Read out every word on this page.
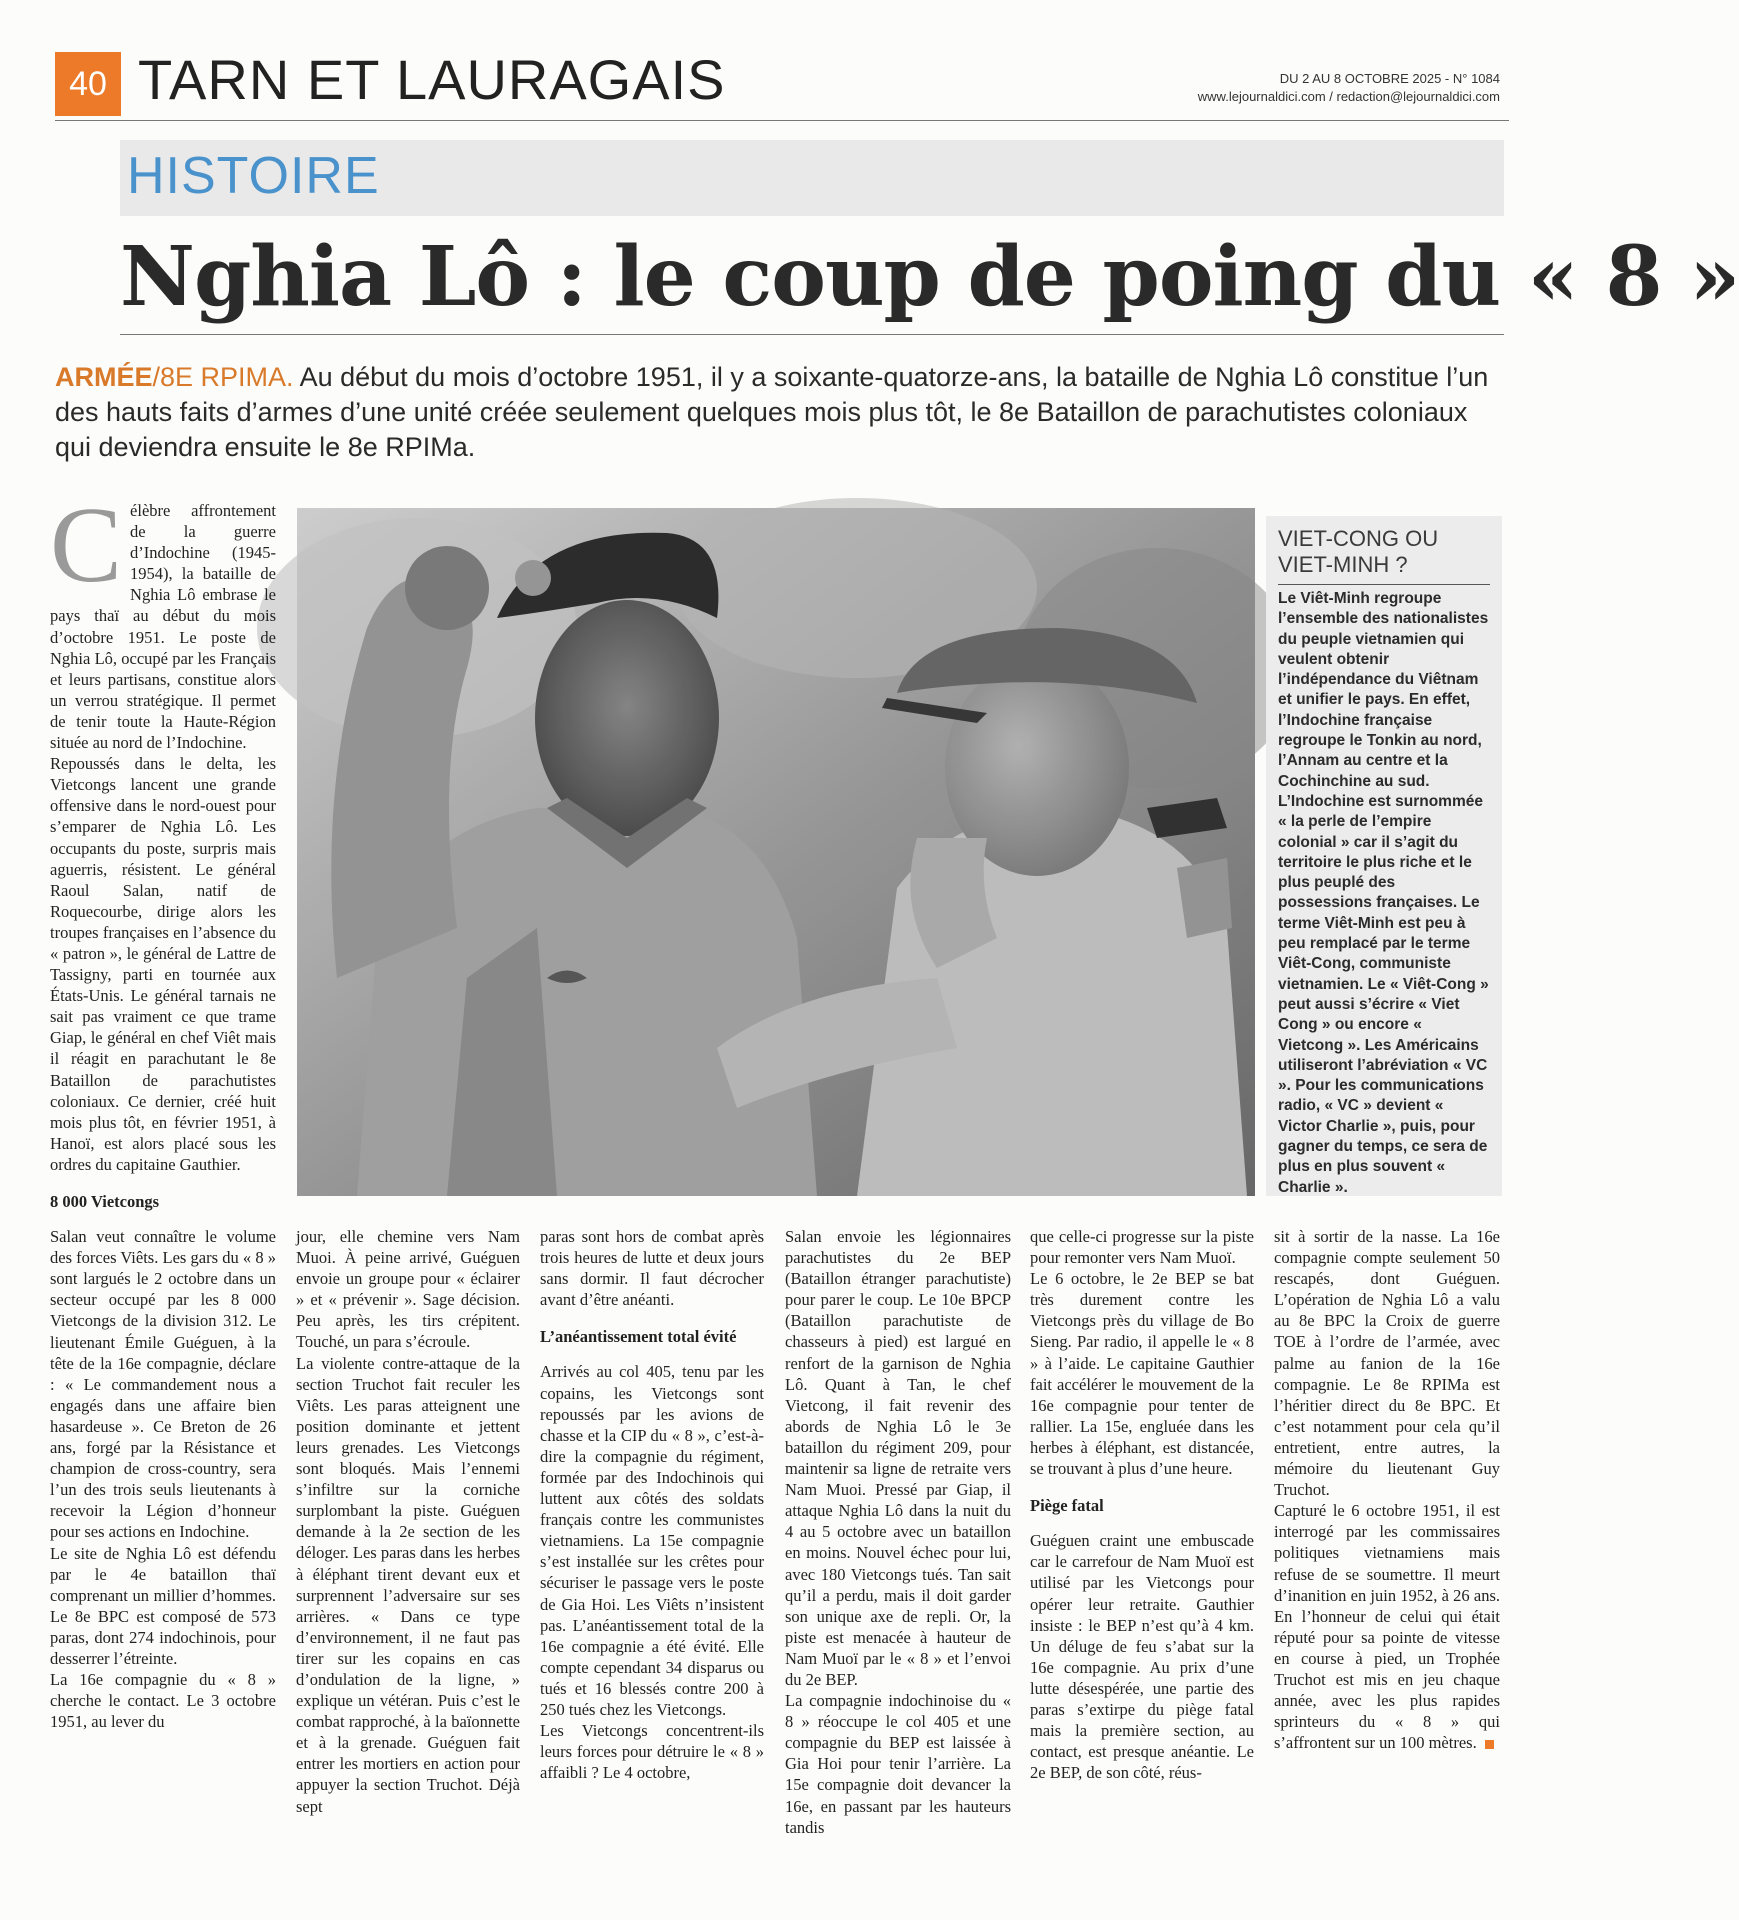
40 TARN ET LAURAGAIS	DU 2 AU 8 OCTOBRE 2025 - N° 1084
www.lejournaldici.com / redaction@lejournaldici.com
HISTOIRE
Nghia Lô : le coup de poing du « 8 »
ARMÉE/8E RPIMA. Au début du mois d’octobre 1951, il y a soixante-quatorze-ans, la bataille de Nghia Lô constitue l’un des hauts faits d’armes d’une unité créée seulement quelques mois plus tôt, le 8e Bataillon de parachutistes coloniaux qui deviendra ensuite le 8e RPIMa.
VIET-CONG OU VIET-MINH ?
Le Viêt-Minh regroupe l’ensemble des nationalistes du peuple vietnamien qui veulent obtenir l’indépendance du Viêtnam et unifier le pays. En effet, l’Indochine française regroupe le Tonkin au nord, l’Annam au centre et la Cochinchine au sud. L’Indochine est surnommée « la perle de l’empire colonial » car il s’agit du territoire le plus riche et le plus peuplé des possessions françaises. Le terme Viêt-Minh est peu à peu remplacé par le terme Viêt-Cong, communiste vietnamien. Le « Viêt-Cong » peut aussi s’écrire « Viet Cong » ou encore « Vietcong ». Les Américains utiliseront l’abréviation « VC ». Pour les communications radio, « VC » devient « Victor Charlie », puis, pour gagner du temps, ce sera de plus en plus souvent « Charlie ».
C élèbre affrontement de la guerre d’Indochine (1945-1954), la bataille de Nghia Lô embrase le pays thaï au début du mois d’octobre 1951. Le poste de Nghia Lô, occupé par les Français et leurs partisans, constitue alors un verrou stratégique. Il permet de tenir toute la Haute-Région située au nord de l’Indochine.

Repoussés dans le delta, les Vietcongs lancent une grande offensive dans le nord-ouest pour s’emparer de Nghia Lô. Les occupants du poste, surpris mais aguerris, résistent. Le général Raoul Salan, natif de Roquecourbe, dirige alors les troupes françaises en l’absence du « patron », le général de Lattre de Tassigny, parti en tournée aux États-Unis. Le général tarnais ne sait pas vraiment ce que trame Giap, le général en chef Viêt mais il réagit en parachutant le 8e Bataillon de parachutistes coloniaux. Ce dernier, créé huit mois plus tôt, en février 1951, à Hanoï, est alors placé sous les ordres du capitaine Gauthier.

8 000 Vietcongs

Salan veut connaître le volume des forces Viêts. Les gars du « 8 » sont largués le 2 octobre dans un secteur occupé par les 8 000 Vietcongs de la division 312. Le lieutenant Émile Guéguen, à la tête de la 16e compagnie, déclare : « Le commandement nous a engagés dans une affaire bien hasardeuse ». Ce Breton de 26 ans, forgé par la Résistance et champion de cross-country, sera l’un des trois seuls lieutenants à recevoir la Légion d’honneur pour ses actions en Indochine.

Le site de Nghia Lô est défendu par le 4e bataillon thaï comprenant un millier d’hommes. Le 8e BPC est composé de 573 paras, dont 274 indochinois, pour desserrer l’étreinte.

La 16e compagnie du « 8 » cherche le contact. Le 3 octobre 1951, au lever du

jour, elle chemine vers Nam Muoi. À peine arrivé, Guéguen envoie un groupe pour « éclairer » et « prévenir ». Sage décision. Peu après, les tirs crépitent. Touché, un para s’écroule.

La violente contre-attaque de la section Truchot fait reculer les Viêts. Les paras atteignent une position dominante et jettent leurs grenades. Les Vietcongs sont bloqués. Mais l’ennemi s’infiltre sur la corniche surplombant la piste. Guéguen demande à la 2e section de les déloger. Les paras dans les herbes à éléphant tirent devant eux et surprennent l’adversaire sur ses arrières. « Dans ce type d’environnement, il ne faut pas tirer sur les copains en cas d’ondulation de la ligne, » explique un vétéran. Puis c’est le combat rapproché, à la baïonnette et à la grenade. Guéguen fait entrer les mortiers en action pour appuyer la section Truchot. Déjà sept

paras sont hors de combat après trois heures de lutte et deux jours sans dormir. Il faut décrocher avant d’être anéanti.

L’anéantissement total évité

Arrivés au col 405, tenu par les copains, les Vietcongs sont repoussés par les avions de chasse et la CIP du « 8 », c’est-à-dire la compagnie du régiment, formée par des Indochinois qui luttent aux côtés des soldats français contre les communistes vietnamiens. La 15e compagnie s’est installée sur les crêtes pour sécuriser le passage vers le poste de Gia Hoi. Les Viêts n’insistent pas. L’anéantissement total de la 16e compagnie a été évité. Elle compte cependant 34 disparus ou tués et 16 blessés contre 200 à 250 tués chez les Vietcongs.

Les Vietcongs concentrent-ils leurs forces pour détruire le « 8 » affaibli ? Le 4 octobre,

Salan envoie les légionnaires parachutistes du 2e BEP (Bataillon étranger parachutiste) pour parer le coup. Le 10e BPCP (Bataillon parachutiste de chasseurs à pied) est largué en renfort de la garnison de Nghia Lô. Quant à Tan, le chef Vietcong, il fait revenir des abords de Nghia Lô le 3e bataillon du régiment 209, pour maintenir sa ligne de retraite vers Nam Muoi. Pressé par Giap, il attaque Nghia Lô dans la nuit du 4 au 5 octobre avec un bataillon en moins. Nouvel échec pour lui, avec 180 Vietcongs tués. Tan sait qu’il a perdu, mais il doit garder son unique axe de repli. Or, la piste est menacée à hauteur de Nam Muoï par le « 8 » et l’envoi du 2e BEP.

La compagnie indochinoise du « 8 » réoccupe le col 405 et une compagnie du BEP est laissée à Gia Hoi pour tenir l’arrière. La 15e compagnie doit devancer la 16e, en passant par les hauteurs tandis

que celle-ci progresse sur la piste pour remonter vers Nam Muoï.

Le 6 octobre, le 2e BEP se bat très durement contre les Vietcongs près du village de Bo Sieng. Par radio, il appelle le « 8 » à l’aide. Le capitaine Gauthier fait accélérer le mouvement de la 16e compagnie pour tenter de rallier. La 15e, engluée dans les herbes à éléphant, est distancée, se trouvant à plus d’une heure.

Piège fatal

Guéguen craint une embuscade car le carrefour de Nam Muoï est utilisé par les Vietcongs pour opérer leur retraite. Gauthier insiste : le BEP n’est qu’à 4 km. Un déluge de feu s’abat sur la 16e compagnie. Au prix d’une lutte désespérée, une partie des paras s’extirpe du piège fatal mais la première section, au contact, est presque anéantie. Le 2e BEP, de son côté, réus-

sit à sortir de la nasse. La 16e compagnie compte seulement 50 rescapés, dont Guéguen. L’opération de Nghia Lô a valu au 8e BPC la Croix de guerre TOE à l’ordre de l’armée, avec palme au fanion de la 16e compagnie. Le 8e RPIMa est l’héritier direct du 8e BPC. Et c’est notamment pour cela qu’il entretient, entre autres, la mémoire du lieutenant Guy Truchot.

Capturé le 6 octobre 1951, il est interrogé par les commissaires politiques vietnamiens mais refuse de se soumettre. Il meurt d’inanition en juin 1952, à 26 ans. En l’honneur de celui qui était réputé pour sa pointe de vitesse en course à pied, un Trophée Truchot est mis en jeu chaque année, avec les plus rapides sprinteurs du « 8 » qui s’affrontent sur un 100 mètres.
